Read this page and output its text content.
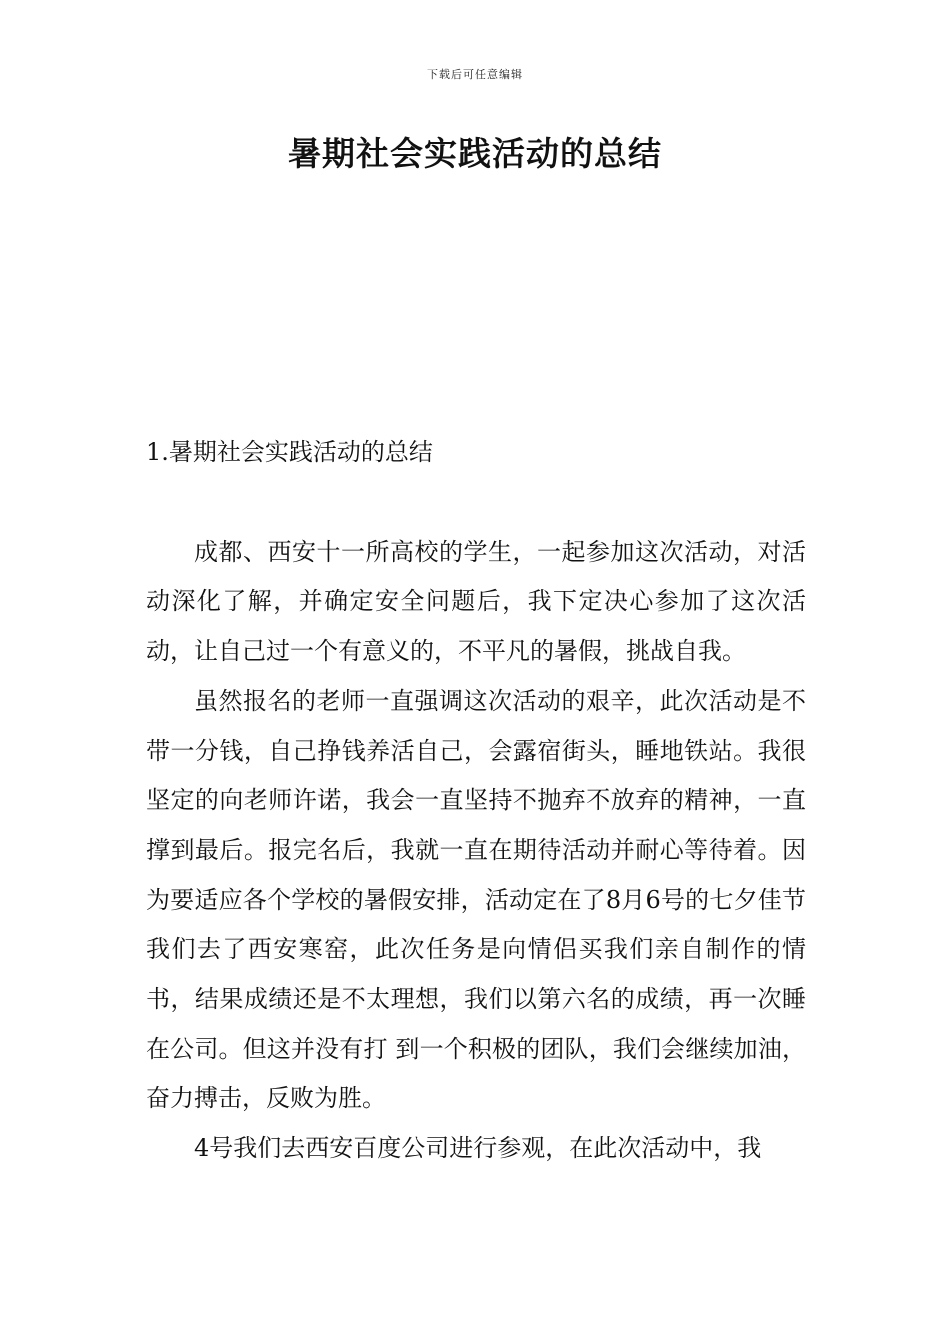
下载后可任意编辑
暑期社会实践活动的总结

1.暑期社会实践活动的总结

成都、西安十一所高校的学生，一起参加这次活动，对活动深化了解，并确定安全问题后，我下定决心参加了这次活动，让自己过一个有意义的，不平凡的暑假，挑战自我。

虽然报名的老师一直强调这次活动的艰辛，此次活动是不带一分钱，自己挣钱养活自己，会露宿街头，睡地铁站。我很坚定的向老师许诺，我会一直坚持不抛弃不放弃的精神，一直撑到最后。报完名后，我就一直在期待活动并耐心等待着。因为要适应各个学校的暑假安排，活动定在了8月6号的七夕佳节我们去了西安寒窑，此次任务是向情侣买我们亲自制作的情书，结果成绩还是不太理想，我们以第六名的成绩，再一次睡在公司。但这并没有打 到一个积极的团队，我们会继续加油，奋力搏击，反败为胜。

4号我们去西安百度公司进行参观，在此次活动中，我
